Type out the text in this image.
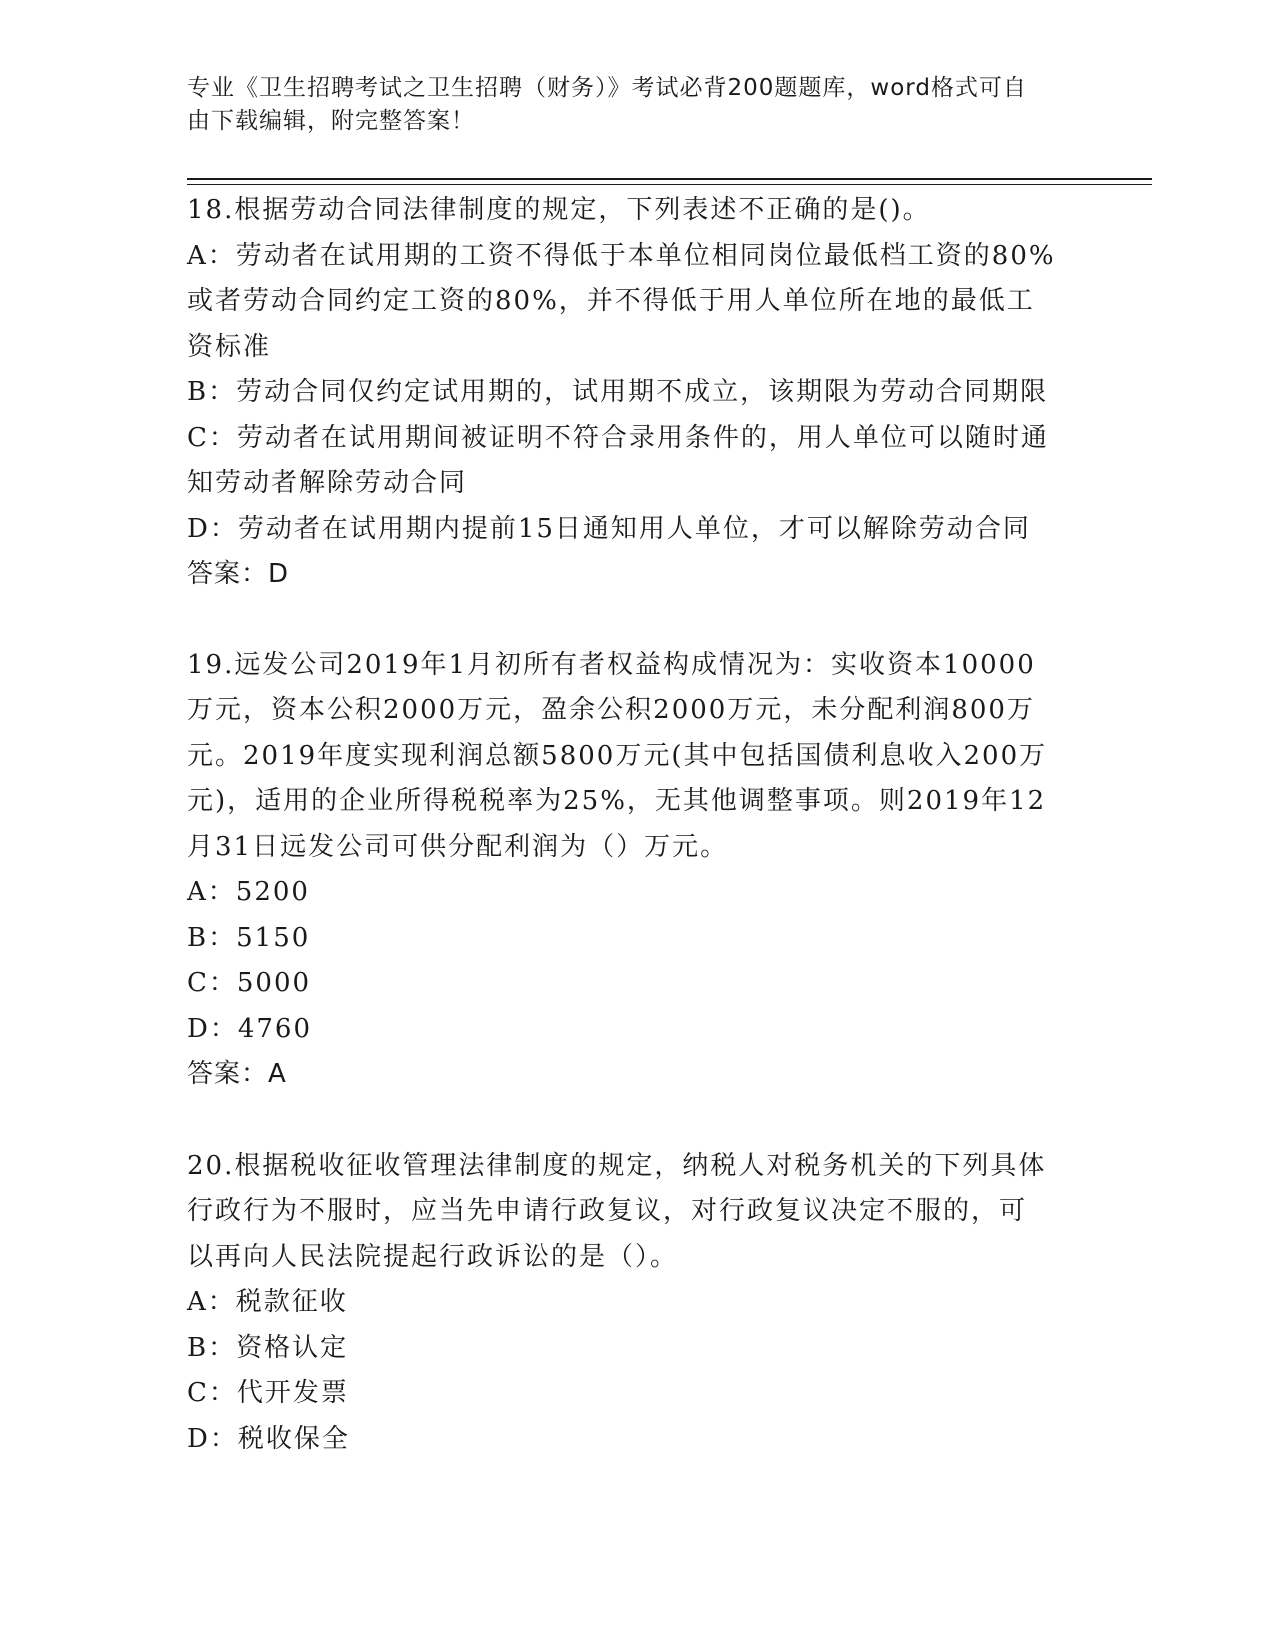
专业《卫生招聘考试之卫生招聘（财务）》考试必背200题题库，word格式可自
由下载编辑，附完整答案！
18.根据劳动合同法律制度的规定，下列表述不正确的是()。
A：劳动者在试用期的工资不得低于本单位相同岗位最低档工资的80%
或者劳动合同约定工资的80%，并不得低于用人单位所在地的最低工
资标准
B：劳动合同仅约定试用期的，试用期不成立，该期限为劳动合同期限
C：劳动者在试用期间被证明不符合录用条件的，用人单位可以随时通
知劳动者解除劳动合同
D：劳动者在试用期内提前15日通知用人单位，才可以解除劳动合同
答案：D
19.远发公司2019年1月初所有者权益构成情况为：实收资本10000
万元，资本公积2000万元，盈余公积2000万元，未分配利润800万
元。2019年度实现利润总额5800万元(其中包括国债利息收入200万
元)，适用的企业所得税税率为25%，无其他调整事项。则2019年12
月31日远发公司可供分配利润为（）万元。
A：5200
B：5150
C：5000
D：4760
答案：A
20.根据税收征收管理法律制度的规定，纳税人对税务机关的下列具体
行政行为不服时，应当先申请行政复议，对行政复议决定不服的，可
以再向人民法院提起行政诉讼的是（）。
A：税款征收
B：资格认定
C：代开发票
D：税收保全
